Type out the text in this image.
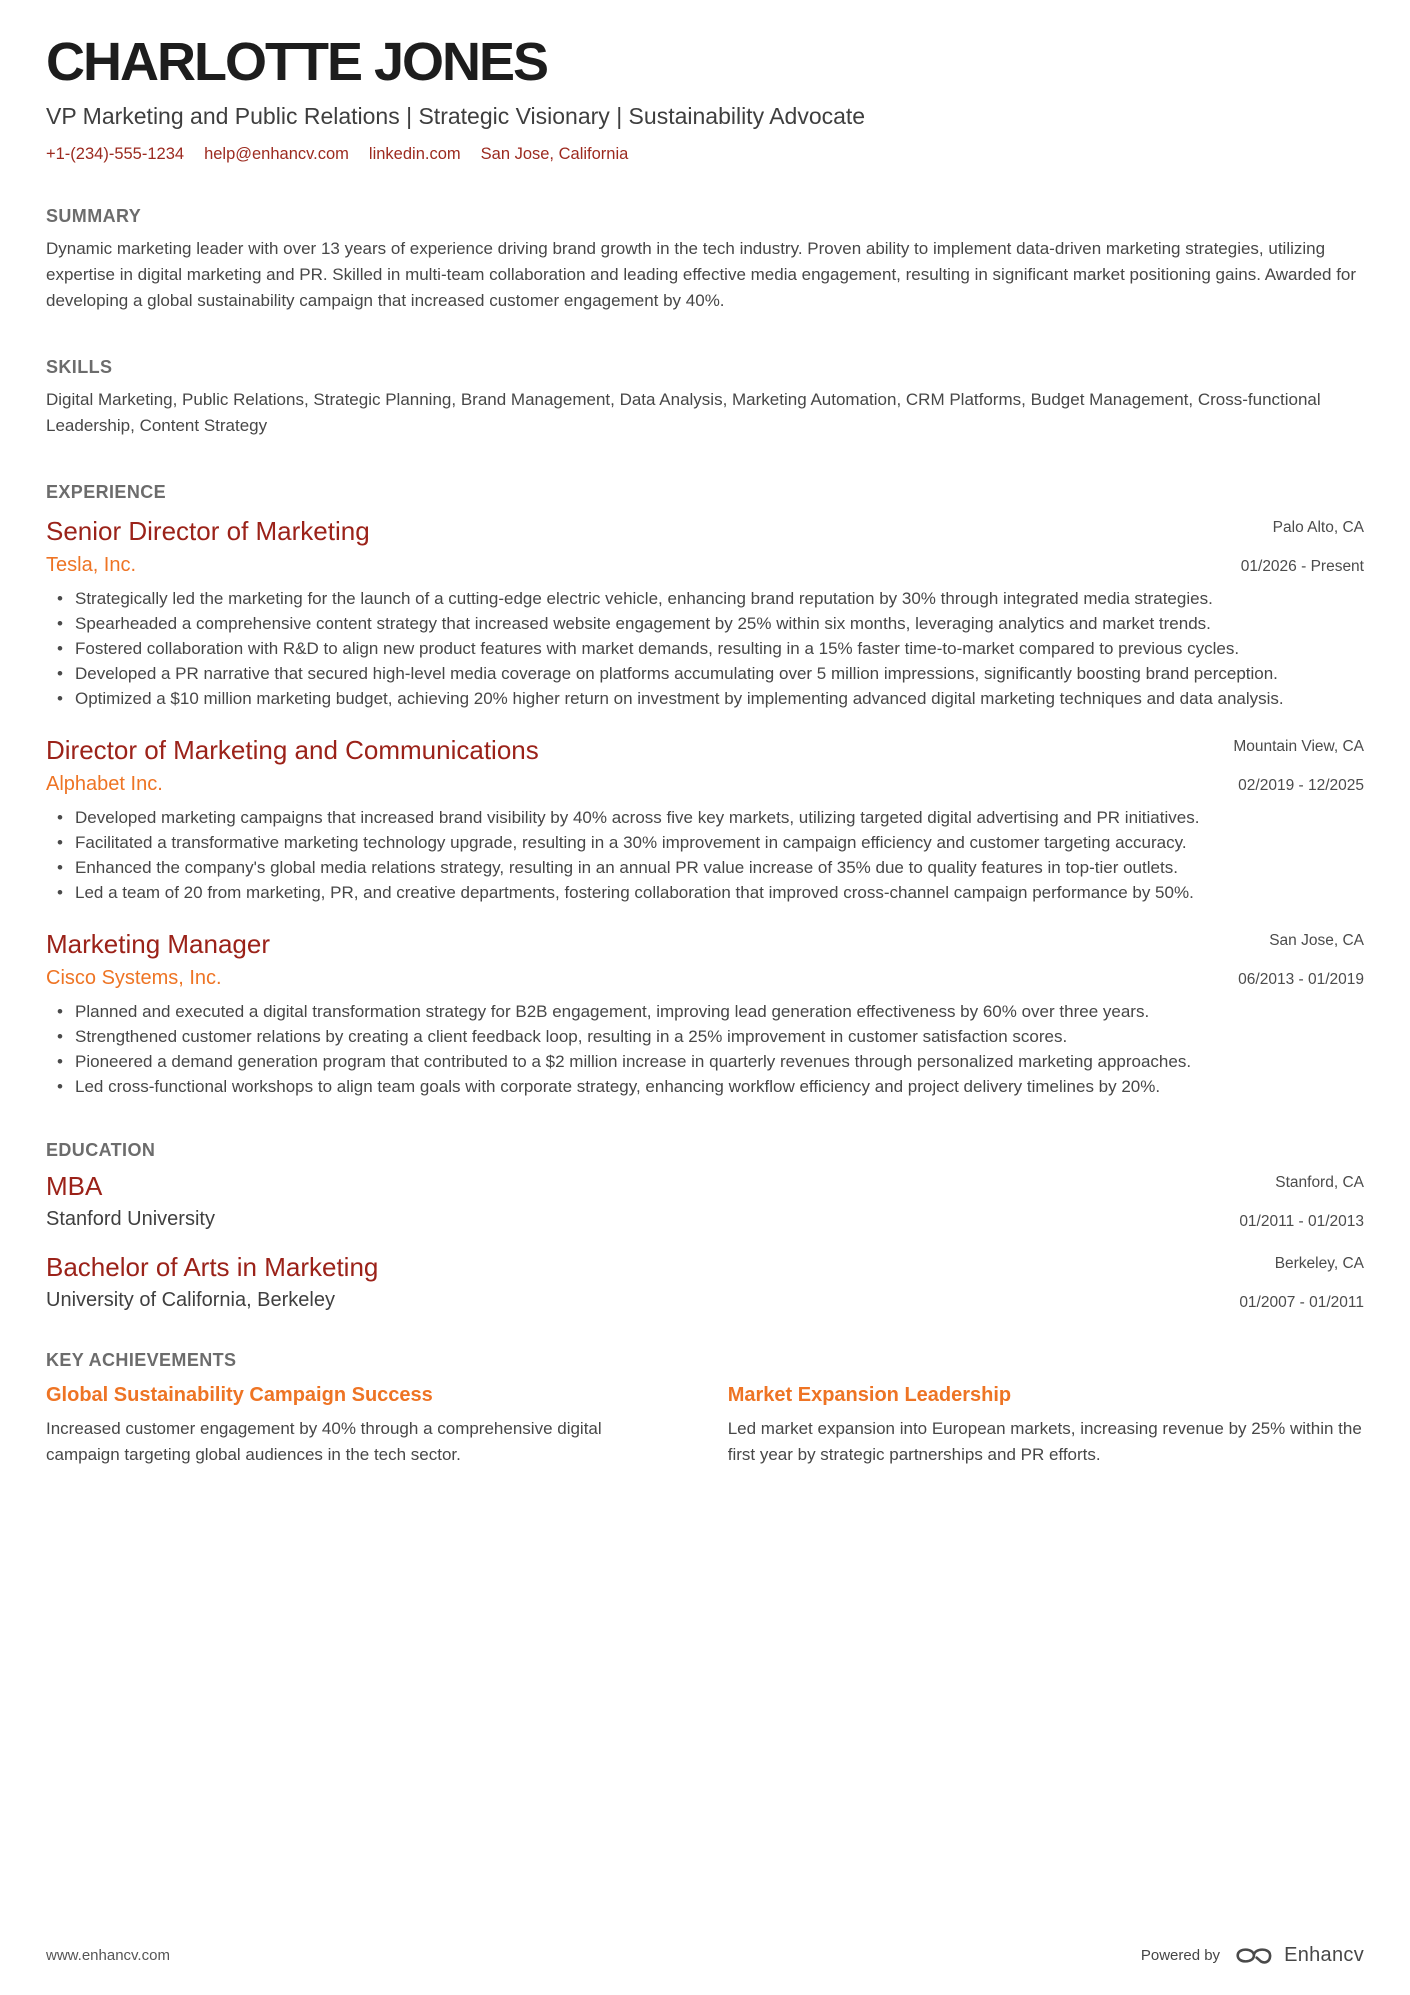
CHARLOTTE JONES
VP Marketing and Public Relations | Strategic Visionary | Sustainability Advocate
+1-(234)-555-1234 help@enhancv.com linkedin.com San Jose, California
SUMMARY

Dynamic marketing leader with over 13 years of experience driving brand growth in the tech industry. Proven ability to implement data-driven marketing strategies, utilizing expertise in digital marketing and PR. Skilled in multi-team collaboration and leading effective media engagement, resulting in significant market positioning gains. Awarded for developing a global sustainability campaign that increased customer engagement by 40%.

SKILLS

Digital Marketing, Public Relations, Strategic Planning, Brand Management, Data Analysis, Marketing Automation, CRM Platforms, Budget Management, Cross-functional Leadership, Content Strategy

EXPERIENCE
Senior Director of Marketing
Tesla, Inc.
Palo Alto, CA
01/2026 - Present
• Strategically led the marketing for the launch of a cutting-edge electric vehicle, enhancing brand reputation by 30% through integrated media strategies.
• Spearheaded a comprehensive content strategy that increased website engagement by 25% within six months, leveraging analytics and market trends.
• Fostered collaboration with R&D to align new product features with market demands, resulting in a 15% faster time-to-market compared to previous cycles.
• Developed a PR narrative that secured high-level media coverage on platforms accumulating over 5 million impressions, significantly boosting brand perception.
• Optimized a $10 million marketing budget, achieving 20% higher return on investment by implementing advanced digital marketing techniques and data analysis.
Director of Marketing and Communications
Alphabet Inc.
Mountain View, CA
02/2019 - 12/2025
• Developed marketing campaigns that increased brand visibility by 40% across five key markets, utilizing targeted digital advertising and PR initiatives.
• Facilitated a transformative marketing technology upgrade, resulting in a 30% improvement in campaign efficiency and customer targeting accuracy.
• Enhanced the company's global media relations strategy, resulting in an annual PR value increase of 35% due to quality features in top-tier outlets.
• Led a team of 20 from marketing, PR, and creative departments, fostering collaboration that improved cross-channel campaign performance by 50%.
Marketing Manager
Cisco Systems, Inc.
San Jose, CA
06/2013 - 01/2019
• Planned and executed a digital transformation strategy for B2B engagement, improving lead generation effectiveness by 60% over three years.
• Strengthened customer relations by creating a client feedback loop, resulting in a 25% improvement in customer satisfaction scores.
• Pioneered a demand generation program that contributed to a $2 million increase in quarterly revenues through personalized marketing approaches.
• Led cross-functional workshops to align team goals with corporate strategy, enhancing workflow efficiency and project delivery timelines by 20%.
EDUCATION
MBA
Stanford University
Stanford, CA
01/2011 - 01/2013
Bachelor of Arts in Marketing
University of California, Berkeley
Berkeley, CA
01/2007 - 01/2011
KEY ACHIEVEMENTS
Global Sustainability Campaign Success
Increased customer engagement by 40% through a comprehensive digital campaign targeting global audiences in the tech sector.
Market Expansion Leadership
Led market expansion into European markets, increasing revenue by 25% within the first year by strategic partnerships and PR efforts.
www.enhancv.com	Powered by	Enhancv
